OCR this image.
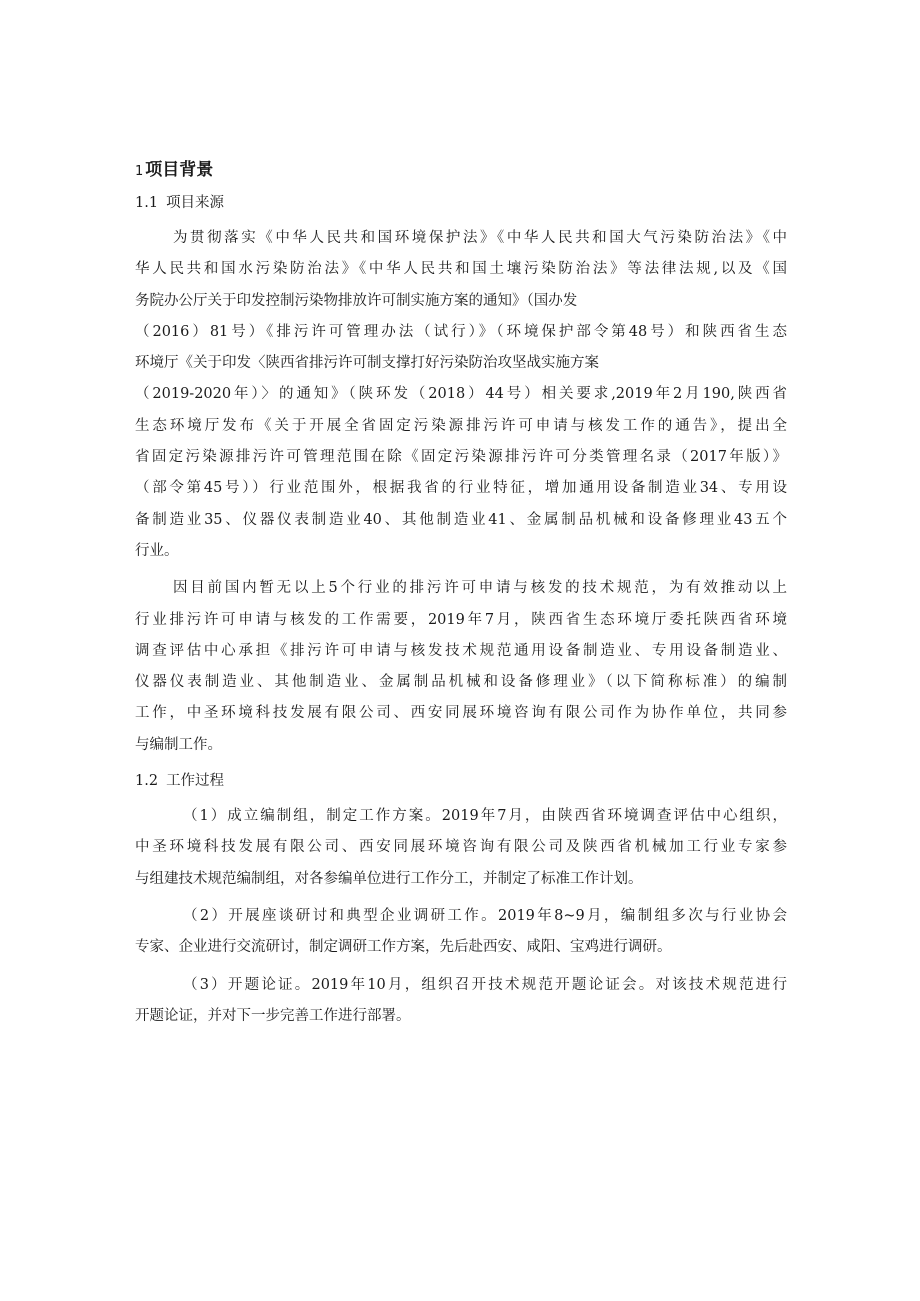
1 项目背景
1.1 项目来源
为贯彻落实《中华人民共和国环境保护法》《中华人民共和国大气污染防治法》《中
华人民共和国水污染防治法》《中华人民共和国土壤污染防治法》等法律法规,以及《国
务院办公厅关于印发控制污染物排放许可制实施方案的通知》（国办发
（2016）81号）《排污许可管理办法（试行）》（环境保护部令第48号）和陕西省生态
环境厅《关于印发〈陕西省排污许可制支撑打好污染防治攻坚战实施方案
（2019-2020年）〉的通知》（陕环发（2018）44号）相关要求,2019年2月190,陕西省
生态环境厅发布《关于开展全省固定污染源排污许可申请与核发工作的通告》，提出全
省固定污染源排污许可管理范围在除《固定污染源排污许可分类管理名录（2017年版）》
（部令第45号））行业范围外，根据我省的行业特征，增加通用设备制造业34、专用设
备制造业35、仪器仪表制造业40、其他制造业41、金属制品机械和设备修理业43五个
行业。
因目前国内暂无以上5个行业的排污许可申请与核发的技术规范，为有效推动以上
行业排污许可申请与核发的工作需要，2019年7月，陕西省生态环境厅委托陕西省环境
调查评估中心承担《排污许可申请与核发技术规范通用设备制造业、专用设备制造业、
仪器仪表制造业、其他制造业、金属制品机械和设备修理业》（以下简称标准）的编制
工作，中圣环境科技发展有限公司、西安同展环境咨询有限公司作为协作单位，共同参
与编制工作。
1.2 工作过程
（1）成立编制组，制定工作方案。2019年7月，由陕西省环境调查评估中心组织，
中圣环境科技发展有限公司、西安同展环境咨询有限公司及陕西省机械加工行业专家参
与组建技术规范编制组，对各参编单位进行工作分工，并制定了标准工作计划。
（2）开展座谈研讨和典型企业调研工作。2019年8~9月，编制组多次与行业协会
专家、企业进行交流研讨，制定调研工作方案，先后赴西安、咸阳、宝鸡进行调研。
（3）开题论证。2019年10月，组织召开技术规范开题论证会。对该技术规范进行
开题论证，并对下一步完善工作进行部署。
